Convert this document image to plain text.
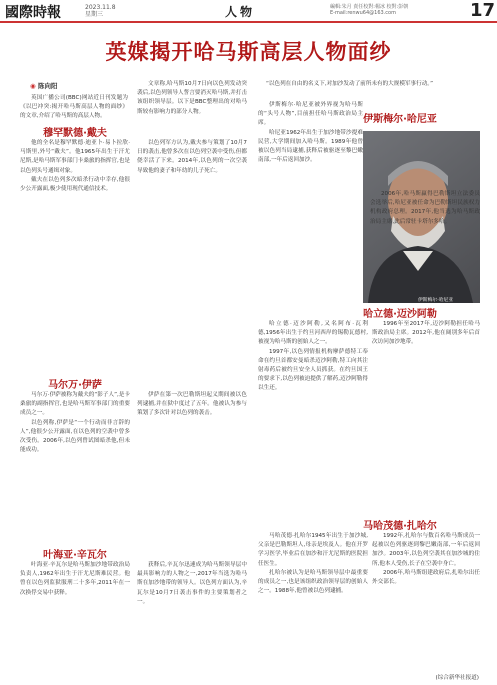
國際時報	2023.11.8
星期三	人物	編輯:朱月 責任校對:楊冰 校對:彭朝
E-mail:renwu64@163.com	17
英媒揭开哈马斯高层人物面纱
◉ 陈向阳

英国广播公司(BBC)网站近日刊发题为《以巴冲突:揭开哈马斯高层人物的面纱》的文章,介绍了哈马斯的高层人物。

穆罕默德·戴夫

他的全名是穆罕默德·迪亚卜·易卜拉欣·马斯里,外号“戴夫”。他1965年出生于汗尤尼斯,是哈马斯军事部门卡桑旅的指挥官,也是以色列头号通缉对象。

戴夫在以色列多次暗杀行动中幸存,他很少公开露面,极少使用现代通信技术。

马尔万·伊萨

马尔万·伊萨被称为戴夫的“影子人”,是卡桑旅的副指挥官,也是哈马斯军事部门的重要成员之一。

以色列称,伊萨是“一个行动而非言辞的人”,他很少公开露面,在以色列的空袭中曾多次受伤。2006年,以色列曾试图暗杀他,但未能成功。

叶海亚·辛瓦尔

叶海亚·辛瓦尔是哈马斯加沙地带政治局负责人,1962年出生于汗尤尼斯难民营。他曾在以色列监狱服刑二十多年,2011年在一次换俘交易中获释。

文章称,哈马斯10月7日向以色列发动突袭后,以色列领导人誓言要消灭哈马斯,并打击该组织领导层。以下是BBC整理出的对哈马斯较有影响力的部分人物。

以色列军方认为,戴夫参与策划了10月7日的袭击,他曾多次在以色列空袭中受伤,但都侥幸活了下来。2014年,以色列的一次空袭导致他的妻子和年幼的儿子死亡。

伊萨在第一次巴勒斯坦起义期间被以色列逮捕,并在狱中度过了五年。他被认为参与策划了多次针对以色列的袭击。

获释后,辛瓦尔迅速成为哈马斯领导层中最具影响力的人物之一,2017年当选为哈马斯在加沙地带的领导人。以色列方面认为,辛瓦尔是10月7日袭击事件的主要策划者之一。

“以色列在自由的名义下,对加沙发动了前所未有的大规模军事行动。”

伊斯梅尔·哈尼亚

伊斯梅尔·哈尼亚被外界视为哈马斯的“头号人物”,目前担任哈马斯政治局主席。

哈尼亚1962年出生于加沙地带沙提难民营,大学期间加入哈马斯。1989年他曾被以色列当局逮捕,获释后被驱逐至黎巴嫩南部,一年后返回加沙。

2006年,哈马斯赢得巴勒斯坦立法委员会选举后,哈尼亚被任命为巴勒斯坦民族权力机构政府总理。2017年,他当选为哈马斯政治局主席,此后常驻卡塔尔多哈。

伊斯梅尔·哈尼亚
哈立德·迈沙阿勒

哈立德·迈沙阿勒,又名阿布·瓦利德,1956年出生于约旦河西岸的锡勒瓦德村,被视为哈马斯的创始人之一。

1997年,以色列情报机构摩萨德特工奉命在约旦首都安曼暗杀迈沙阿勒,特工向其注射毒药后被约旦安全人员抓获。在约旦国王的要求下,以色列被迫提供了解药,迈沙阿勒得以生还。

1996年至2017年,迈沙阿勒担任哈马斯政治局主席。2012年,他在阔别多年后首次访问加沙地带。

马哈茂德·扎哈尔

马哈茂德·扎哈尔1945年出生于加沙城,父亲是巴勒斯坦人,母亲是埃及人。他在开罗学习医学,毕业后在加沙和汗尤尼斯的医院担任医生。

扎哈尔被认为是哈马斯领导层中最重要的成员之一,也是该组织政治领导层的创始人之一。1988年,他曾被以色列逮捕。

1992年,扎哈尔与数百名哈马斯成员一起被以色列驱逐到黎巴嫩南部,一年后返回加沙。2003年,以色列空袭其在加沙城的住所,他本人受伤,长子在空袭中身亡。

2006年,哈马斯组建政府后,扎哈尔出任外交部长。

(综合新华社报道)
